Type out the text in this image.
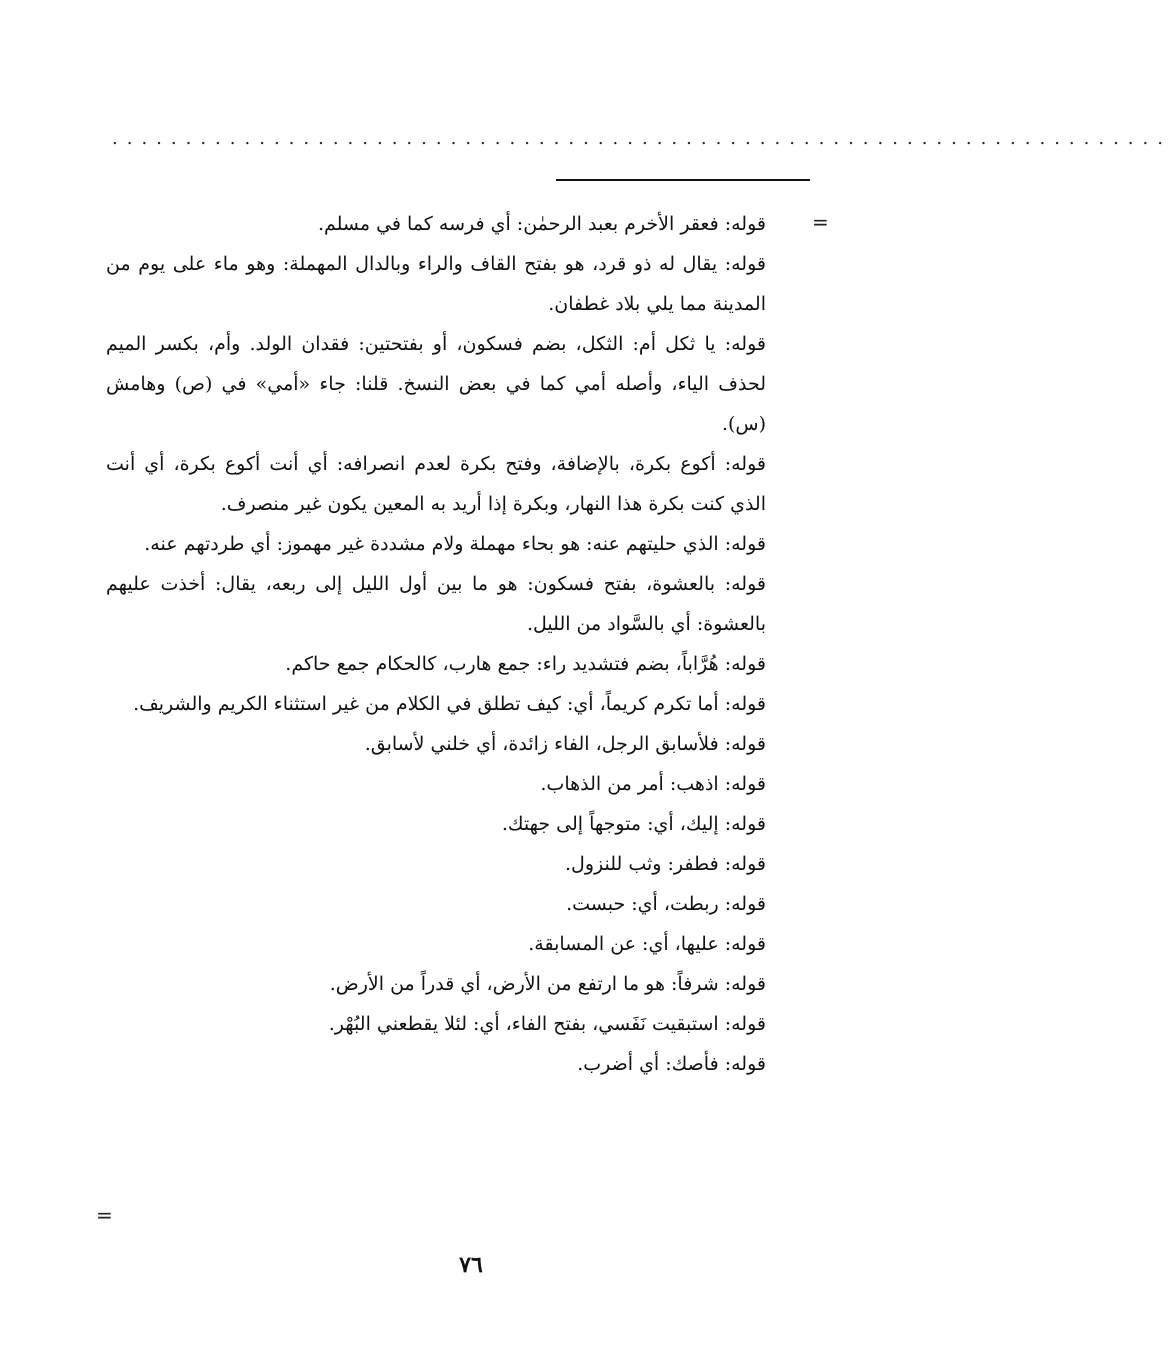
........................................................................
=

قوله: فعقر الأخرم بعبد الرحمٰن: أي فرسه كما في مسلم.

قوله: يقال له ذو قرد، هو بفتح القاف والراء وبالدال المهملة: وهو ماء على يوم من المدينة مما يلي بلاد غطفان.

قوله: يا ثكل أم: الثكل، بضم فسكون، أو بفتحتين: فقدان الولد. وأم، بكسر الميم لحذف الياء، وأصله أمي كما في بعض النسخ. قلنا: جاء «أمي» في (ص) وهامش (س).

قوله: أكوع بكرة، بالإضافة، وفتح بكرة لعدم انصرافه: أي أنت أكوع بكرة، أي أنت الذي كنت بكرة هذا النهار، وبكرة إذا أريد به المعين يكون غير منصرف.

قوله: الذي حليتهم عنه: هو بحاء مهملة ولام مشددة غير مهموز: أي طردتهم عنه.

قوله: بالعشوة، بفتح فسكون: هو ما بين أول الليل إلى ربعه، يقال: أخذت عليهم بالعشوة: أي بالسَّواد من الليل.

قوله: هُرَّاباً، بضم فتشديد راء: جمع هارب، كالحكام جمع حاكم.

قوله: أما تكرم كريماً، أي: كيف تطلق في الكلام من غير استثناء الكريم والشريف.

قوله: فلأسابق الرجل، الفاء زائدة، أي خلني لأسابق.

قوله: اذهب: أمر من الذهاب.

قوله: إليك، أي: متوجهاً إلى جهتك.

قوله: فطفر: وثب للنزول.

قوله: ربطت، أي: حبست.

قوله: عليها، أي: عن المسابقة.

قوله: شرفاً: هو ما ارتفع من الأرض، أي قدراً من الأرض.

قوله: استبقيت نَفَسي، بفتح الفاء، أي: لئلا يقطعني البُهْر.

قوله: فأصك: أي أضرب.

=
٧٦
